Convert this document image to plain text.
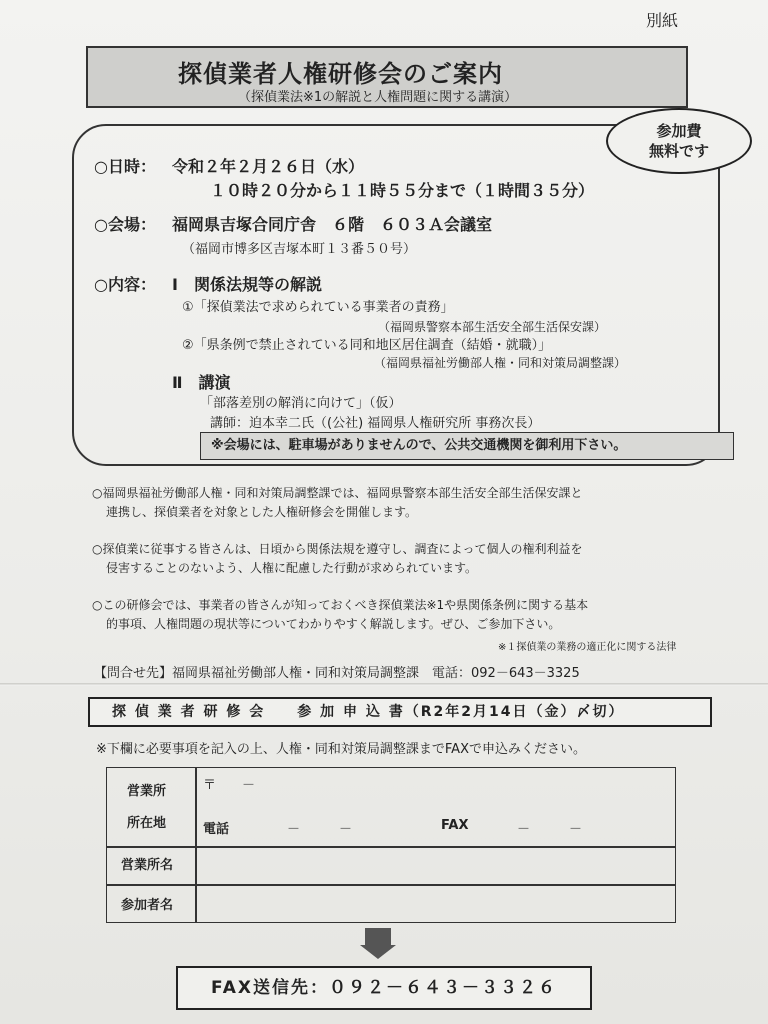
別紙
探偵業者人権研修会のご案内
（探偵業法※1の解説と人権問題に関する講演）
参加費
無料です
○日時： 令和２年２月２６日（水）
１０時２０分から１１時５５分まで（１時間３５分）
○会場： 福岡県吉塚合同庁舎　６階　６０３Ａ会議室
（福岡市博多区吉塚本町１３番５０号）
○内容： Ⅰ　関係法規等の解説
①「探偵業法で求められている事業者の責務」
（福岡県警察本部生活安全部生活保安課）
②「県条例で禁止されている同和地区居住調査（結婚・就職）」
（福岡県福祉労働部人権・同和対策局調整課）
Ⅱ　講演
「部落差別の解消に向けて」（仮）
講師：迫本幸二氏（(公社) 福岡県人権研究所 事務次長）
※会場には、駐車場がありませんので、公共交通機関を御利用下さい。
○福岡県福祉労働部人権・同和対策局調整課では、福岡県警察本部生活安全部生活保安課と
連携し、探偵業者を対象とした人権研修会を開催します。
○探偵業に従事する皆さんは、日頃から関係法規を遵守し、調査によって個人の権利利益を
侵害することのないよう、人権に配慮した行動が求められています。
○この研修会では、事業者の皆さんが知っておくべき探偵業法※1や県関係条例に関する基本
的事項、人権問題の現状等についてわかりやすく解説します。ぜひ、ご参加下さい。
※１探偵業の業務の適正化に関する法律
【問合せ先】福岡県福祉労働部人権・同和対策局調整課　電話：092－643－3325
探 偵 業 者 研 修 会　　参 加 申 込 書（R2年2月14日（金）〆切）
※下欄に必要事項を記入の上、人権・同和対策局調整課までFAXで申込みください。
営業所
所在地
〒　　－
電話	－　　　－	FAX	－　　　－
営業所名
参加者名
FAX送信先：０９２－６４３－３３２６
